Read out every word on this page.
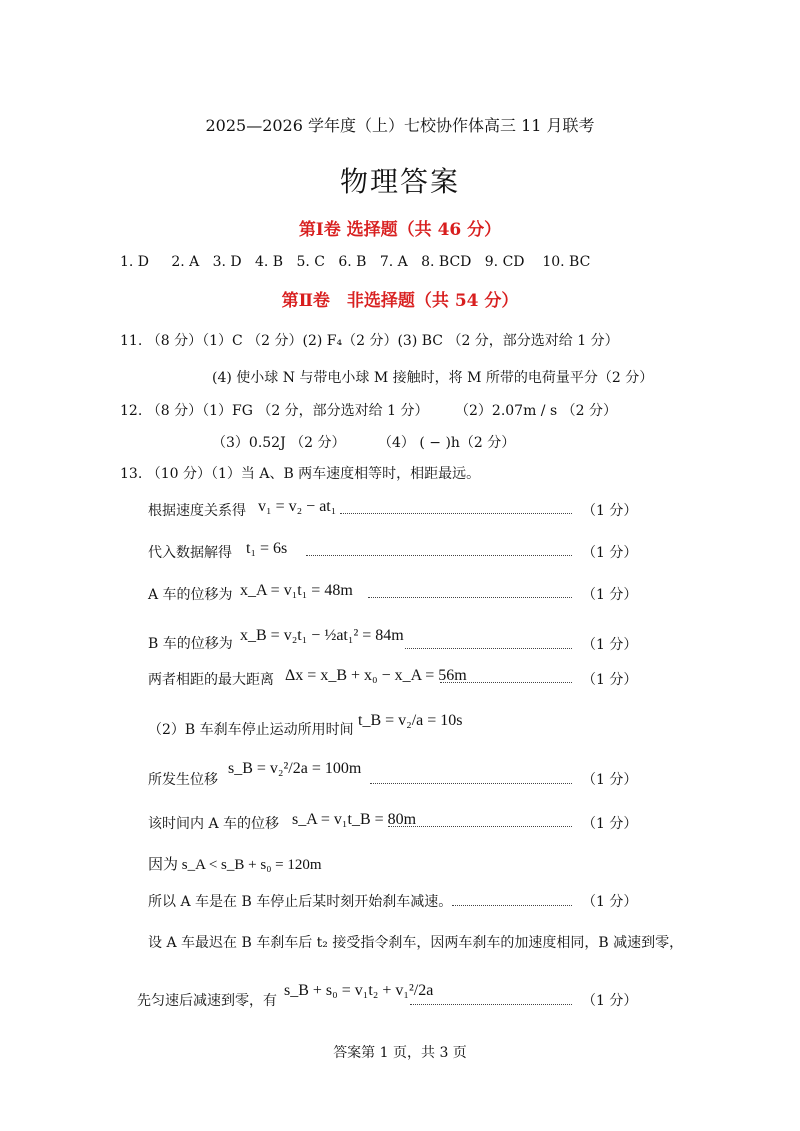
2025—2026 学年度（上）七校协作体高三 11 月联考
物理答案
第Ⅰ卷 选择题（共 46 分）
1. D 2. A 3. D 4. B 5. C 6. B 7. A 8. BCD 9. CD 10. BC
第Ⅱ卷　非选择题（共 54 分）
11. （8 分）（1）C （2 分）(2) F₄（2 分）(3) BC （2 分，部分选对给 1 分）
(4) 使小球 N 与带电小球 M 接触时，将 M 所带的电荷量平分（2 分）
12. （8 分）（1）FG （2 分，部分选对给 1 分） （2）2.07m / s （2 分）
（3）0.52J （2 分） （4） ( − )h（2 分）
13. （10 分）（1）当 A、B 两车速度相等时，相距最远。
根据速度关系得 v₁ = v₂ − at₁	（1 分）
代入数据解得 t₁ = 6s	（1 分）
A 车的位移为 x_A = v₁t₁ = 48m	（1 分）
B 车的位移为 x_B = v₂t₁ − ½at₁² = 84m
（1 分）
两者相距的最大距离 Δx = x_B + x₀ − x_A = 56m	（1 分）
（2）B 车刹车停止运动所用时间
t_B = v₂/a = 10s
所发生位移
s_B = v₂²/2a = 100m
（1 分）
该时间内 A 车的位移 s_A = v₁t_B = 80m	（1 分）
因为 s_A < s_B + s₀ = 120m
所以 A 车是在 B 车停止后某时刻开始刹车减速。	（1 分）
设 A 车最迟在 B 车刹车后 t₂ 接受指令刹车，因两车刹车的加速度相同，B 减速到零，
先匀速后减速到零，有
s_B + s₀ = v₁t₂ + v₁²/2a
（1 分）
答案第 1 页，共 3 页
